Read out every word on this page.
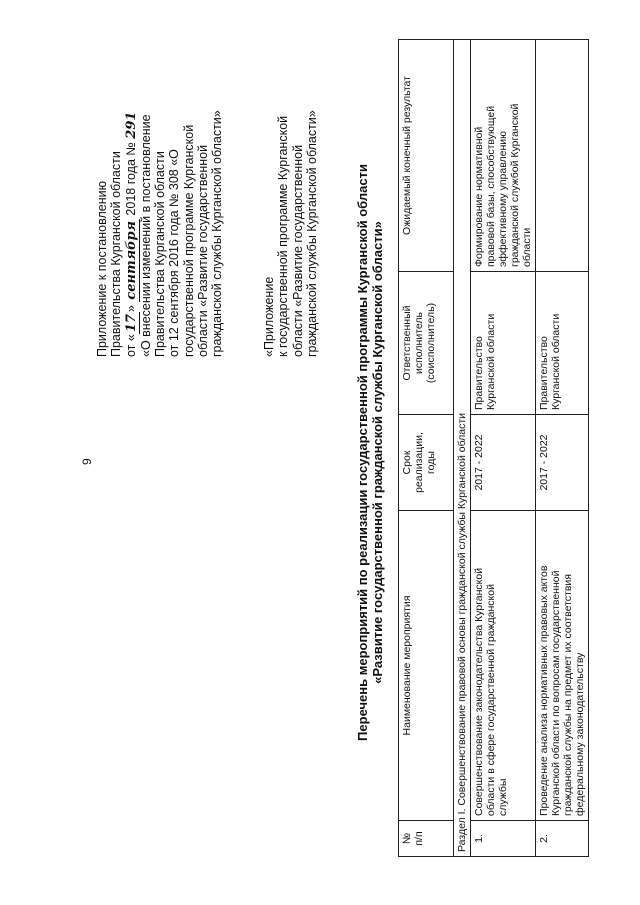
9
Приложение к постановлению Правительства Курганской области от «17» сентября 2018 года № 291 «О внесении изменений в постановление Правительства Курганской области от 12 сентября 2016 года № 308 «О государственной программе Курганской области «Развитие государственной гражданской службы Курганской области»	«Приложение к государственной программе Курганской области «Развитие государственной гражданской службы Курганской области»	Перечень мероприятий по реализации государственной программы Курганской области «Развитие государственной гражданской службы Курганской области»
№
п/п	Наименование мероприятия	Срок реализации,
годы	Ответственный исполнитель
(соисполнитель)	Ожидаемый конечный результат

Раздел I. Совершенствование правовой основы гражданской службы Курганской области				
1.	Совершенствование законодательства Курганской
области в сфере государственной гражданской
службы	2017 - 2022	Правительство
Курганской области	Формирование нормативной
правовой базы, способствующей
эффективному управлению
гражданской службой Курганской
области

2.	Проведение анализа нормативных правовых актов
Курганской области по вопросам государственной
гражданской службы на предмет их соответствия
федеральному законодательству	2017 - 2022	Правительство
Курганской области	
